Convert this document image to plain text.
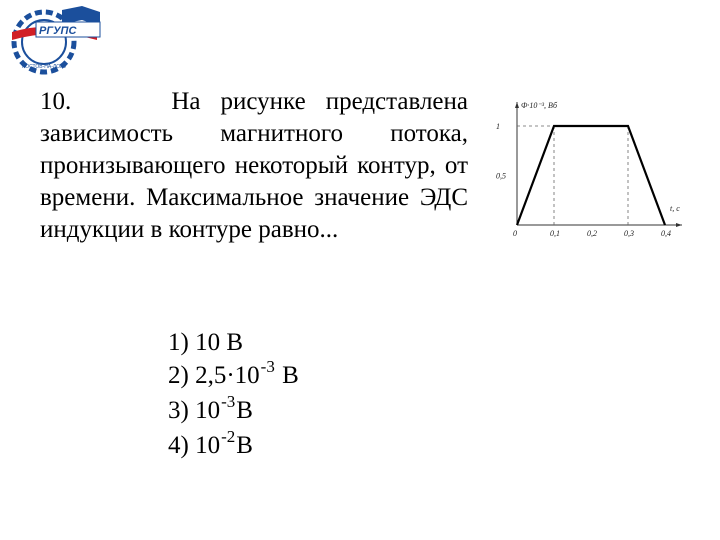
РГУПС
РОСТОВ-НА-ДОНУ
10.	На рисунке представлена зависимость магнитного потока, пронизывающего некоторый контур, от времени. Максимальное значение ЭДС индукции в контуре равно...
1) 10 В
2) $2,5\cdot 10^{-3}$ В
3) $10^{-3}В$
4) $10^{-2}В$
Ф·10⁻³, Вб
t, с
0	0,1	0,2	0,3	0,4
0,5
1
